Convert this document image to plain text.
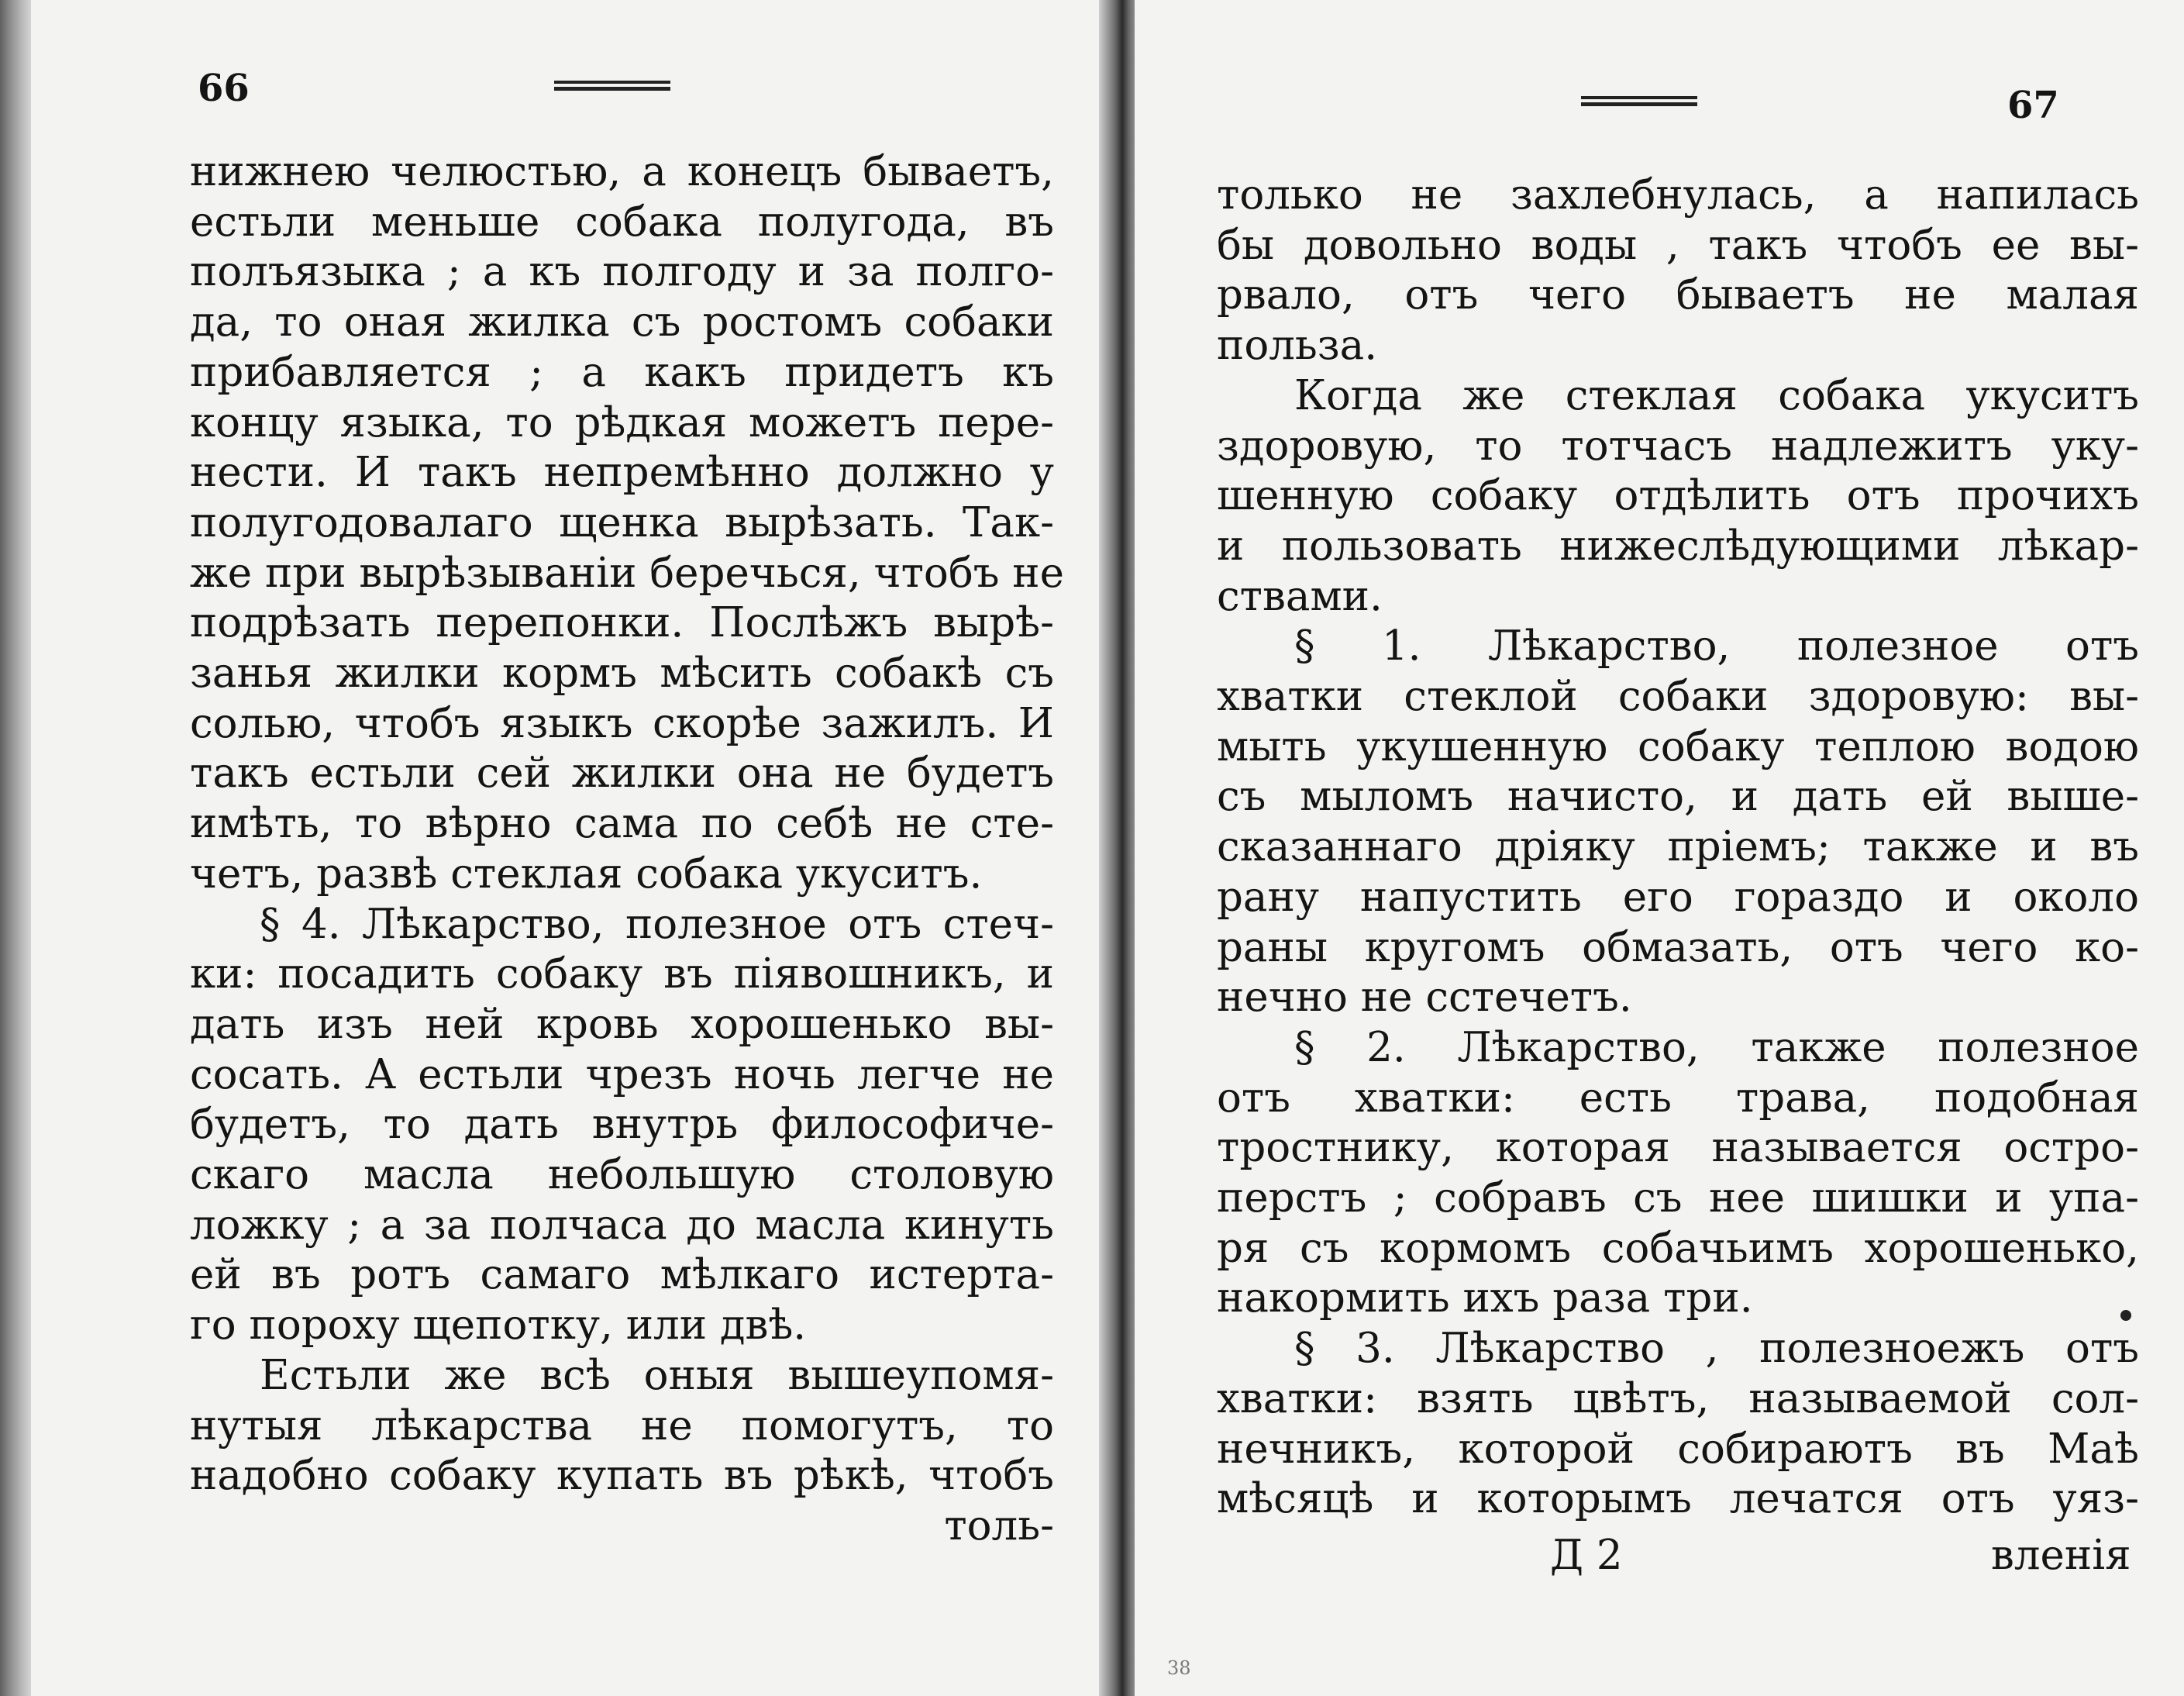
66
нижнею челюстью, а конецъ бываетъ,
естьли меньше собака полугода, въ
полъязыка ; а къ полгоду и за полго-
да, то оная жилка съ ростомъ собаки
прибавляется ; а какъ придетъ къ
концу языка, то рѣдкая можетъ пере-
нести. И такъ непремѣнно должно у
полугодовалаго щенка вырѣзать. Так-
же при вырѣзываніи беречься, чтобъ не
подрѣзать перепонки. Послѣжъ вырѣ-
занья жилки кормъ мѣсить собакѣ съ
солью, чтобъ языкъ скорѣе зажилъ. И
такъ естьли сей жилки она не будетъ
имѣть, то вѣрно сама по себѣ не сте-
четъ, развѣ стеклая собака укуситъ.
§ 4. Лѣкарство, полезное отъ стеч-
ки: посадить собаку въ піявошникъ, и
дать изъ ней кровь хорошенько вы-
сосать. А естьли чрезъ ночь легче не
будетъ, то дать внутрь философиче-
скаго масла небольшую столовую
ложку ; а за полчаса до масла кинуть
ей въ ротъ самаго мѣлкаго истерта-
го пороху щепотку, или двѣ.
Естьли же всѣ оныя вышеупомя-
нутыя лѣкарства не помогутъ, то
надобно собаку купать въ рѣкѣ, чтобъ
толь-
67
только не захлебнулась, а напилась
бы довольно воды , такъ чтобъ ее вы-
рвало, отъ чего бываетъ не малая
польза.
Когда же стеклая собака укуситъ
здоровую, то тотчасъ надлежитъ уку-
шенную собаку отдѣлить отъ прочихъ
и пользовать нижеслѣдующими лѣкар-
ствами.
§ 1. Лѣкарство, полезное отъ
хватки стеклой собаки здоровую: вы-
мыть укушенную собаку теплою водою
съ мыломъ начисто, и дать ей выше-
сказаннаго дріяку пріемъ; также и въ
рану напустить его гораздо и около
раны кругомъ обмазать, отъ чего ко-
нечно не сстечетъ.
§ 2. Лѣкарство, также полезное
отъ хватки: есть трава, подобная
тростнику, которая называется остро-
перстъ ; собравъ съ нее шишки и упа-
ря съ кормомъ собачьимъ хорошенько,
накормить ихъ раза три.
§ 3. Лѣкарство , полезноежъ отъ
хватки: взять цвѣтъ, называемой сол-
нечникъ, которой собираютъ въ Маѣ
мѣсяцѣ и которымъ лечатся отъ уяз-
Д 2	вленія
38
